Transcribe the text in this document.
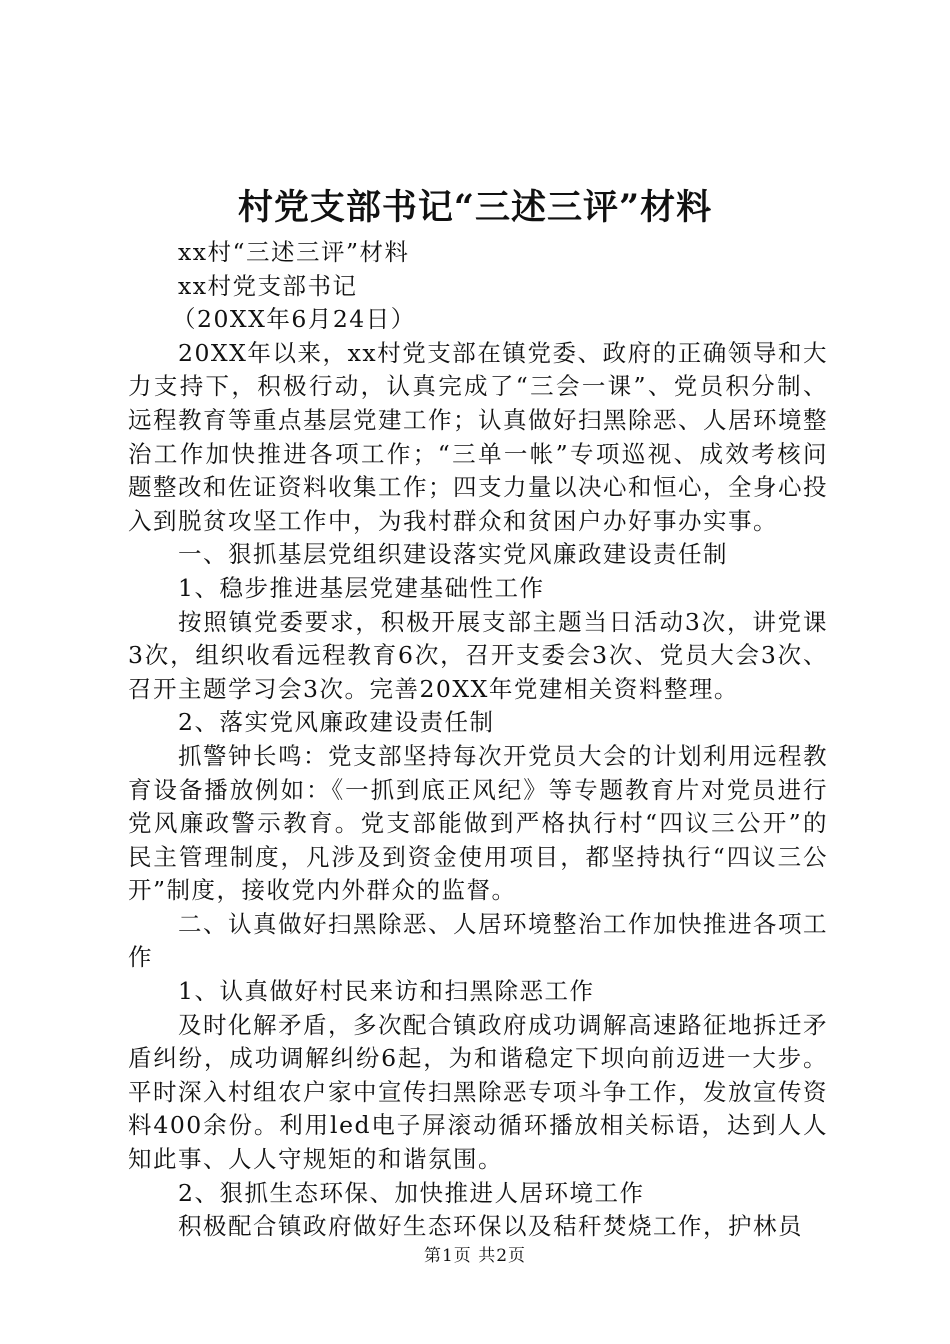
村党支部书记“三述三评”材料

xx村“三述三评”材料

xx村党支部书记

（20XX年6月24日）

20XX年以来，xx村党支部在镇党委、政府的正确领导和大力支持下，积极行动，认真完成了“三会一课”、党员积分制、远程教育等重点基层党建工作；认真做好扫黑除恶、人居环境整治工作加快推进各项工作；“三单一帐”专项巡视、成效考核问题整改和佐证资料收集工作；四支力量以决心和恒心，全身心投入到脱贫攻坚工作中，为我村群众和贫困户办好事办实事。

一、狠抓基层党组织建设落实党风廉政建设责任制

1、稳步推进基层党建基础性工作

按照镇党委要求，积极开展支部主题当日活动3次，讲党课3次，组织收看远程教育6次，召开支委会3次、党员大会3次、召开主题学习会3次。完善20XX年党建相关资料整理。

2、落实党风廉政建设责任制

抓警钟长鸣：党支部坚持每次开党员大会的计划利用远程教育设备播放例如：《一抓到底正风纪》等专题教育片对党员进行党风廉政警示教育。党支部能做到严格执行村“四议三公开”的民主管理制度，凡涉及到资金使用项目，都坚持执行“四议三公开”制度，接收党内外群众的监督。

二、认真做好扫黑除恶、人居环境整治工作加快推进各项工作

1、认真做好村民来访和扫黑除恶工作

及时化解矛盾，多次配合镇政府成功调解高速路征地拆迁矛盾纠纷，成功调解纠纷6起，为和谐稳定下坝向前迈进一大步。平时深入村组农户家中宣传扫黑除恶专项斗争工作，发放宣传资料400余份。利用led电子屏滚动循环播放相关标语，达到人人知此事、人人守规矩的和谐氛围。

2、狠抓生态环保、加快推进人居环境工作

积极配合镇政府做好生态环保以及秸秆焚烧工作，护林员

第1页 共2页
